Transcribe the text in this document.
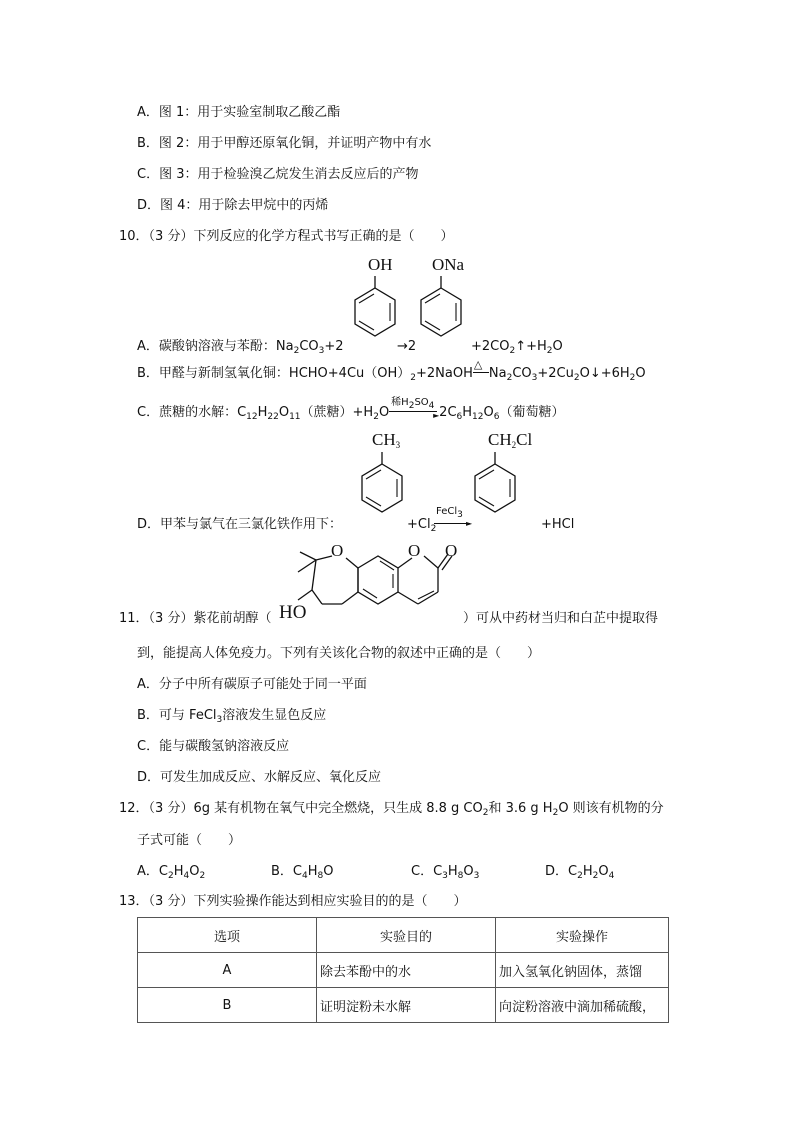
A．图 1：用于实验室制取乙酸乙酯
B．图 2：用于甲醇还原氧化铜，并证明产物中有水
C．图 3：用于检验溴乙烷发生消去反应后的产物
D．图 4：用于除去甲烷中的丙烯
10．（3 分）下列反应的化学方程式书写正确的是（　　）
OH ONa
A．碳酸钠溶液与苯酚：$Na_2CO_3+2$	→2	$+2CO_2↑+H_2O$
B．甲醛与新制氢氧化铜：$HCHO+4Cu(OH)_2+2NaOH$
△
$Na_2CO_3+2Cu_2O↓+6H_2O$
C．蔗糖的水解：$C_{12}H_{22}O_{11}$（蔗糖）$+H_2O$
稀$H_2SO_4$
► $2C_6H_{12}O_6$（葡萄糖）
$CH_3$	$CH_2Cl$
D．甲苯与氯气在三氯化铁作用下：	$+Cl_2$
FeCl$_3$
►	+HCl
O	O O
HO
11．（3 分）紫花前胡醇（	）可从中药材当归和白芷中提取得
到，能提高人体免疫力。下列有关该化合物的叙述中正确的是（　　）
A．分子中所有碳原子可能处于同一平面
B．可与 FeCl$_3$溶液发生显色反应
C．能与碳酸氢钠溶液反应
D．可发生加成反应、水解反应、氧化反应
12．（3 分）6g 某有机物在氧气中完全燃烧，只生成 8.8 g $CO_2$和 3.6 g $H_2O$ 则该有机物的分
子式可能（　　）
A．$C_2H_4O_2$	B．$C_4H_8O$	C．$C_3H_8O_3$	D．$C_2H_2O_4$
13．（3 分）下列实验操作能达到相应实验目的的是（　　）
选项	实验目的	实验操作
A	除去苯酚中的水	加入氢氧化钠固体，蒸馏
B	证明淀粉未水解	向淀粉溶液中滴加稀硫酸，
